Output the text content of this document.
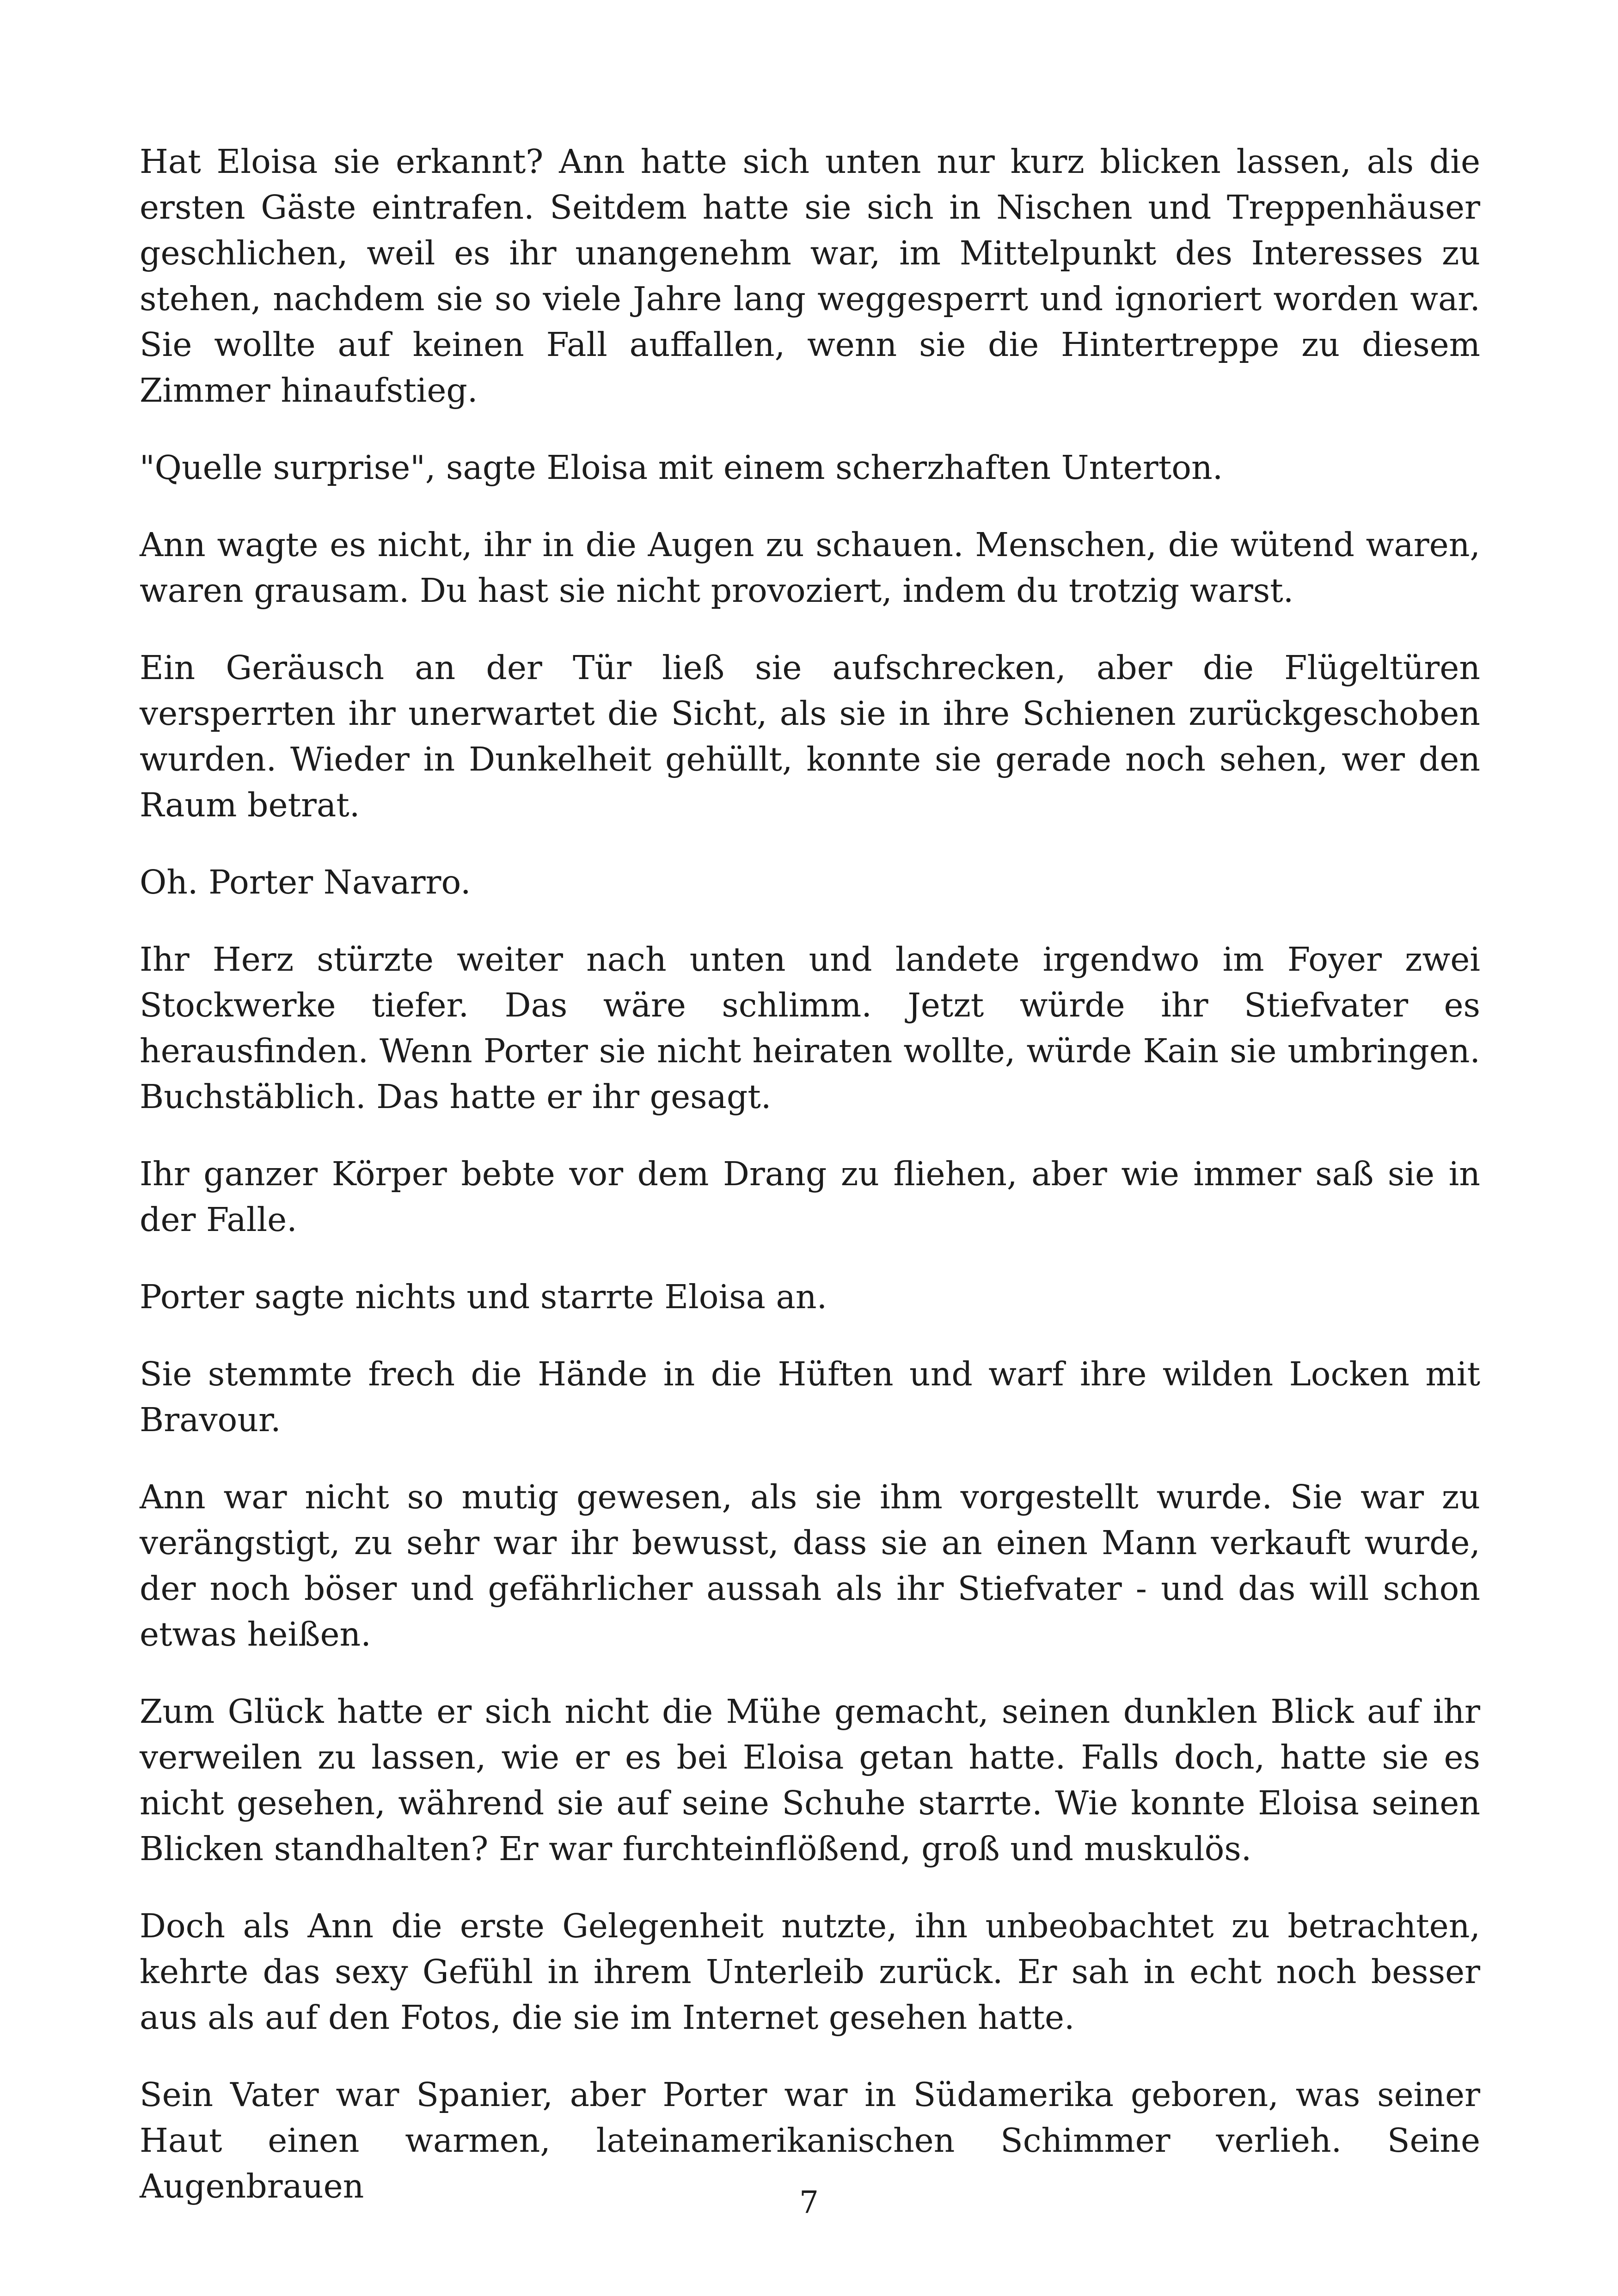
Hat Eloisa sie erkannt? Ann hatte sich unten nur kurz blicken lassen, als die ersten Gäste eintrafen. Seitdem hatte sie sich in Nischen und Treppenhäuser geschlichen, weil es ihr unangenehm war, im Mittelpunkt des Interesses zu stehen, nachdem sie so viele Jahre lang weggesperrt und ignoriert worden war. Sie wollte auf keinen Fall auffallen, wenn sie die Hintertreppe zu diesem Zimmer hinaufstieg.

"Quelle surprise", sagte Eloisa mit einem scherzhaften Unterton.

Ann wagte es nicht, ihr in die Augen zu schauen. Menschen, die wütend waren, waren grausam. Du hast sie nicht provoziert, indem du trotzig warst.

Ein Geräusch an der Tür ließ sie aufschrecken, aber die Flügeltüren versperrten ihr unerwartet die Sicht, als sie in ihre Schienen zurückgeschoben wurden. Wieder in Dunkelheit gehüllt, konnte sie gerade noch sehen, wer den Raum betrat.

Oh. Porter Navarro.

Ihr Herz stürzte weiter nach unten und landete irgendwo im Foyer zwei Stockwerke tiefer. Das wäre schlimm. Jetzt würde ihr Stiefvater es herausfinden. Wenn Porter sie nicht heiraten wollte, würde Kain sie umbringen. Buchstäblich. Das hatte er ihr gesagt.

Ihr ganzer Körper bebte vor dem Drang zu fliehen, aber wie immer saß sie in der Falle.

Porter sagte nichts und starrte Eloisa an.

Sie stemmte frech die Hände in die Hüften und warf ihre wilden Locken mit Bravour.

Ann war nicht so mutig gewesen, als sie ihm vorgestellt wurde. Sie war zu verängstigt, zu sehr war ihr bewusst, dass sie an einen Mann verkauft wurde, der noch böser und gefährlicher aussah als ihr Stiefvater - und das will schon etwas heißen.

Zum Glück hatte er sich nicht die Mühe gemacht, seinen dunklen Blick auf ihr verweilen zu lassen, wie er es bei Eloisa getan hatte. Falls doch, hatte sie es nicht gesehen, während sie auf seine Schuhe starrte. Wie konnte Eloisa seinen Blicken standhalten? Er war furchteinflößend, groß und muskulös.

Doch als Ann die erste Gelegenheit nutzte, ihn unbeobachtet zu betrachten, kehrte das sexy Gefühl in ihrem Unterleib zurück. Er sah in echt noch besser aus als auf den Fotos, die sie im Internet gesehen hatte.

Sein Vater war Spanier, aber Porter war in Südamerika geboren, was seiner Haut einen warmen, lateinamerikanischen Schimmer verlieh. Seine Augenbrauen	7
